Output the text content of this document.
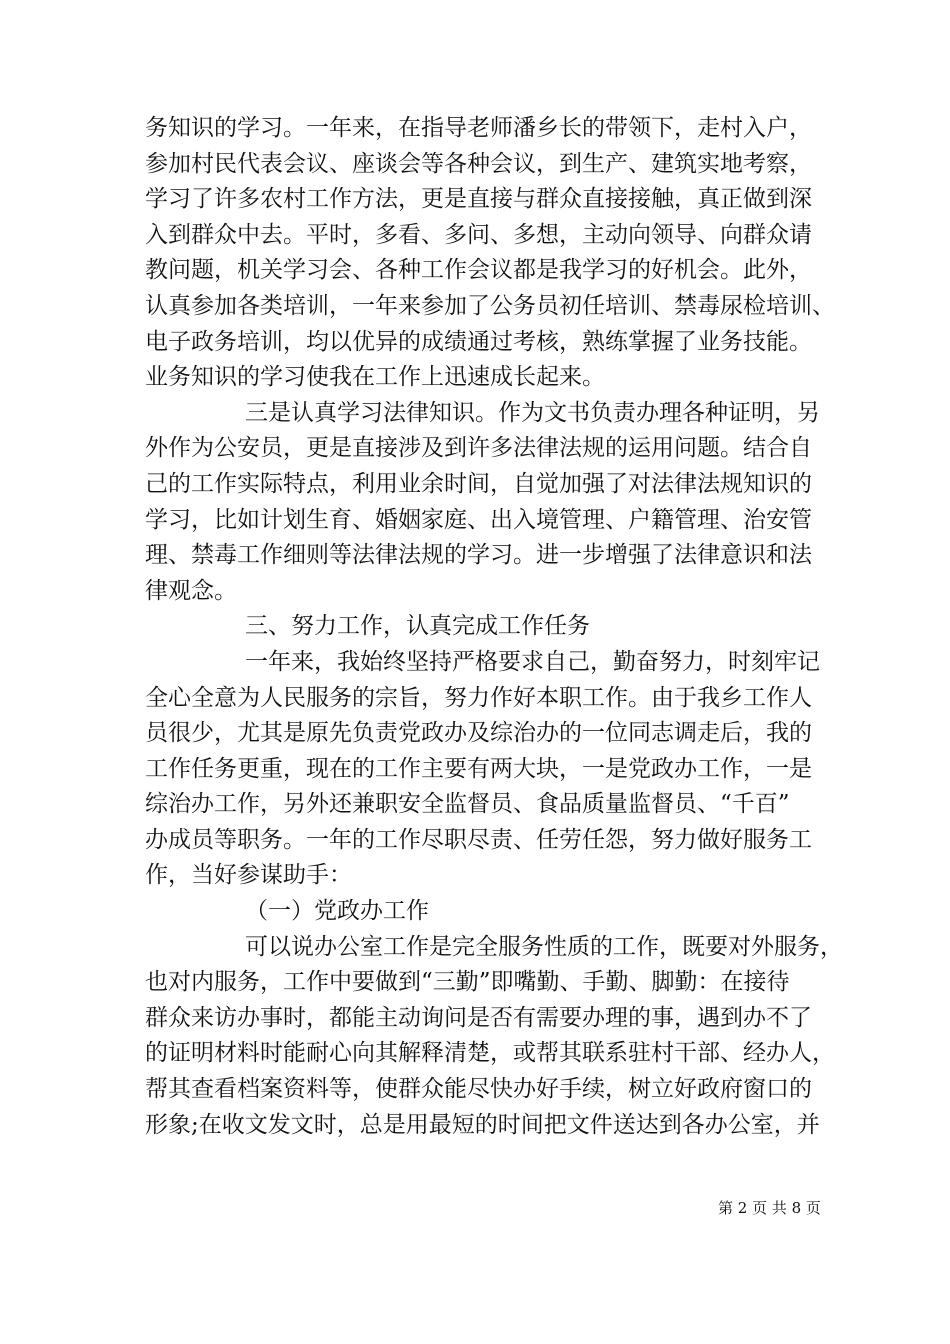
务知识的学习。一年来，在指导老师潘乡长的带领下，走村入户，
参加村民代表会议、座谈会等各种会议，到生产、建筑实地考察，
学习了许多农村工作方法，更是直接与群众直接接触，真正做到深
入到群众中去。平时，多看、多问、多想，主动向领导、向群众请
教问题，机关学习会、各种工作会议都是我学习的好机会。此外，
认真参加各类培训，一年来参加了公务员初任培训、禁毒尿检培训、
电子政务培训，均以优异的成绩通过考核，熟练掌握了业务技能。
业务知识的学习使我在工作上迅速成长起来。
三是认真学习法律知识。作为文书负责办理各种证明，另
外作为公安员，更是直接涉及到许多法律法规的运用问题。结合自
己的工作实际特点，利用业余时间，自觉加强了对法律法规知识的
学习，比如计划生育、婚姻家庭、出入境管理、户籍管理、治安管
理、禁毒工作细则等法律法规的学习。进一步增强了法律意识和法
律观念。
三、努力工作，认真完成工作任务
一年来，我始终坚持严格要求自己，勤奋努力，时刻牢记
全心全意为人民服务的宗旨，努力作好本职工作。由于我乡工作人
员很少，尤其是原先负责党政办及综治办的一位同志调走后，我的
工作任务更重，现在的工作主要有两大块，一是党政办工作，一是
综治办工作，另外还兼职安全监督员、食品质量监督员、“千百”
办成员等职务。一年的工作尽职尽责、任劳任怨，努力做好服务工
作，当好参谋助手：
（一）党政办工作
可以说办公室工作是完全服务性质的工作，既要对外服务，
也对内服务，工作中要做到“三勤”即嘴勤、手勤、脚勤：在接待
群众来访办事时，都能主动询问是否有需要办理的事，遇到办不了
的证明材料时能耐心向其解释清楚，或帮其联系驻村干部、经办人，
帮其查看档案资料等，使群众能尽快办好手续，树立好政府窗口的
形象;在收文发文时，总是用最短的时间把文件送达到各办公室，并
第 2 页 共 8 页
